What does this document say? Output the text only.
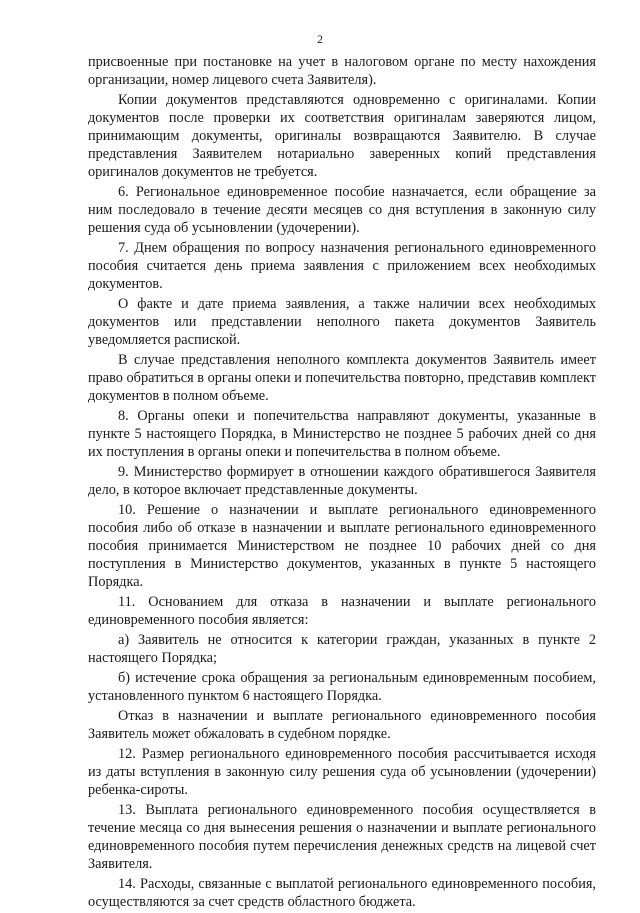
2

присвоенные при постановке на учет в налоговом органе по месту нахождения организации, номер лицевого счета Заявителя).

Копии документов представляются одновременно с оригиналами. Копии документов после проверки их соответствия оригиналам заверяются лицом, принимающим документы, оригиналы возвращаются Заявителю. В случае представления Заявителем нотариально заверенных копий представления оригиналов документов не требуется.

6. Региональное единовременное пособие назначается, если обращение за ним последовало в течение десяти месяцев со дня вступления в законную силу решения суда об усыновлении (удочерении).

7. Днем обращения по вопросу назначения регионального единовременного пособия считается день приема заявления с приложением всех необходимых документов.

О факте и дате приема заявления, а также наличии всех необходимых документов или представлении неполного пакета документов Заявитель уведомляется распиской.

В случае представления неполного комплекта документов Заявитель имеет право обратиться в органы опеки и попечительства повторно, представив комплект документов в полном объеме.

8. Органы опеки и попечительства направляют документы, указанные в пункте 5 настоящего Порядка, в Министерство не позднее 5 рабочих дней со дня их поступления в органы опеки и попечительства в полном объеме.

9. Министерство формирует в отношении каждого обратившегося Заявителя дело, в которое включает представленные документы.

10. Решение о назначении и выплате регионального единовременного пособия либо об отказе в назначении и выплате регионального единовременного пособия принимается Министерством не позднее 10 рабочих дней со дня поступления в Министерство документов, указанных в пункте 5 настоящего Порядка.

11. Основанием для отказа в назначении и выплате регионального единовременного пособия является:

а) Заявитель не относится к категории граждан, указанных в пункте 2 настоящего Порядка;

б) истечение срока обращения за региональным единовременным пособием, установленного пунктом 6 настоящего Порядка.

Отказ в назначении и выплате регионального единовременного пособия Заявитель может обжаловать в судебном порядке.

12. Размер регионального единовременного пособия рассчитывается исходя из даты вступления в законную силу решения суда об усыновлении (удочерении) ребенка-сироты.

13. Выплата регионального единовременного пособия осуществляется в течение месяца со дня вынесения решения о назначении и выплате регионального единовременного пособия путем перечисления денежных средств на лицевой счет Заявителя.

14. Расходы, связанные с выплатой регионального единовременного пособия, осуществляются за счет средств областного бюджета.
